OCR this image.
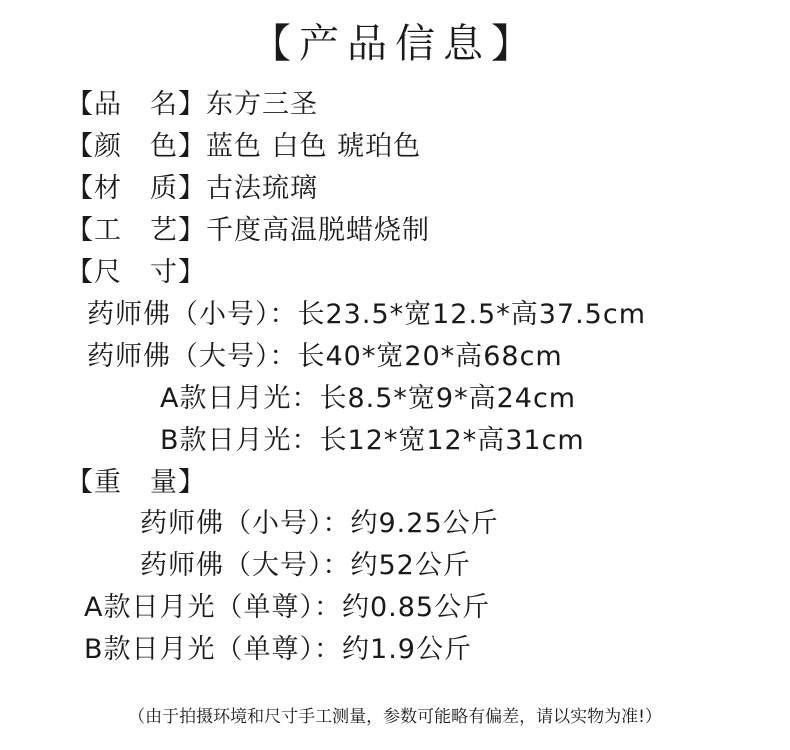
【产品信息】
【品　名】东方三圣
【颜　色】蓝色 白色 琥珀色
【材　质】古法琉璃
【工　艺】千度高温脱蜡烧制
【尺　寸】
药师佛（小号）：长23.5*宽12.5*高37.5cm
药师佛（大号）：长40*宽20*高68cm
A款日月光：长8.5*宽9*高24cm
B款日月光：长12*宽12*高31cm
【重　量】
药师佛（小号）：约9.25公斤
药师佛（大号）：约52公斤
A款日月光（单尊）：约0.85公斤
B款日月光（单尊）：约1.9公斤
（由于拍摄环境和尺寸手工测量，参数可能略有偏差，请以实物为准!）
